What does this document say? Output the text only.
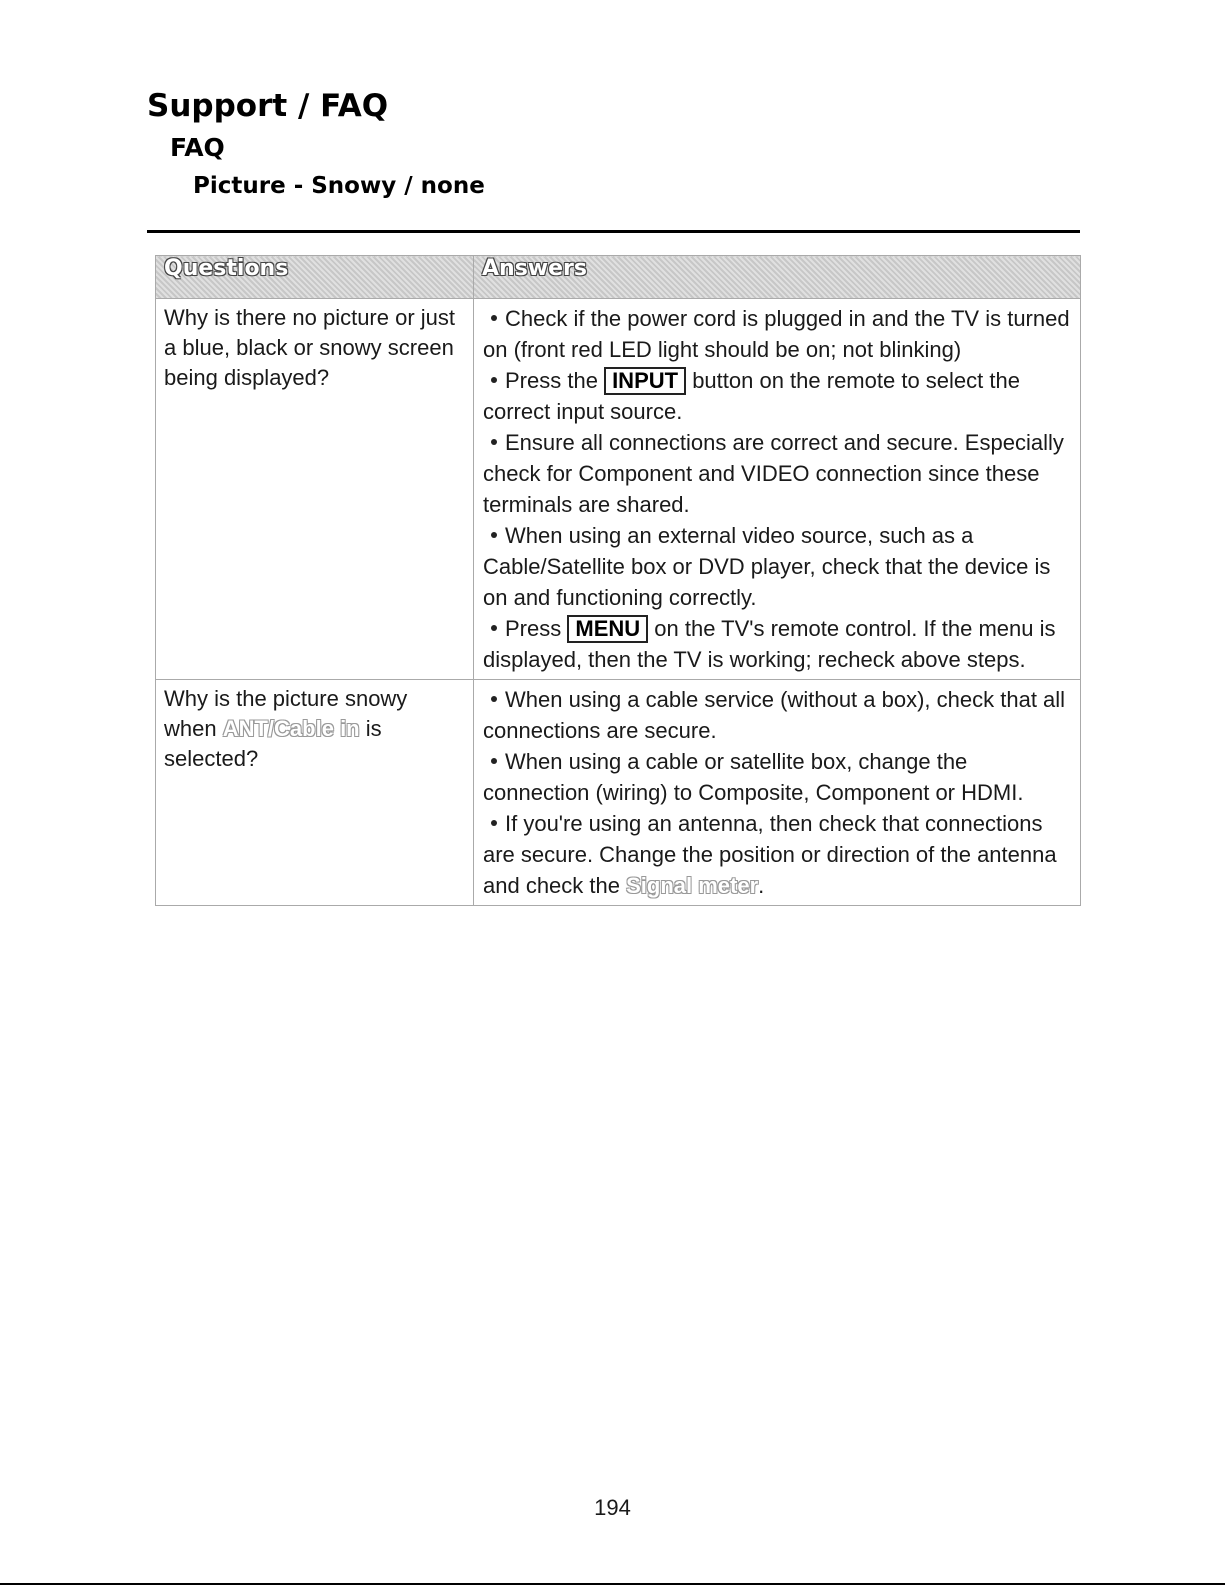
Support / FAQ
FAQ
Picture - Snowy / none
Questions	Answers
Why is there no picture or just a blue, black or snowy screen being displayed?	Check if the power cord is plugged in and the TV is turned on (front red LED light should be on; not blinking)
Press the INPUT button on the remote to select the correct input source.
Ensure all connections are correct and secure. Especially check for Component and VIDEO connection since these terminals are shared.
When using an external video source, such as a Cable/Satellite box or DVD player, check that the device is on and functioning correctly.
Press MENU on the TV's remote control. If the menu is displayed, then the TV is working; recheck above steps.

Why is the picture snowy when ANT/Cable in is selected?	When using a cable service (without a box), check that all connections are secure.
When using a cable or satellite box, change the connection (wiring) to Composite, Component or HDMI.
If you're using an antenna, then check that connections are secure. Change the position or direction of the antenna and check the Signal meter.
194
